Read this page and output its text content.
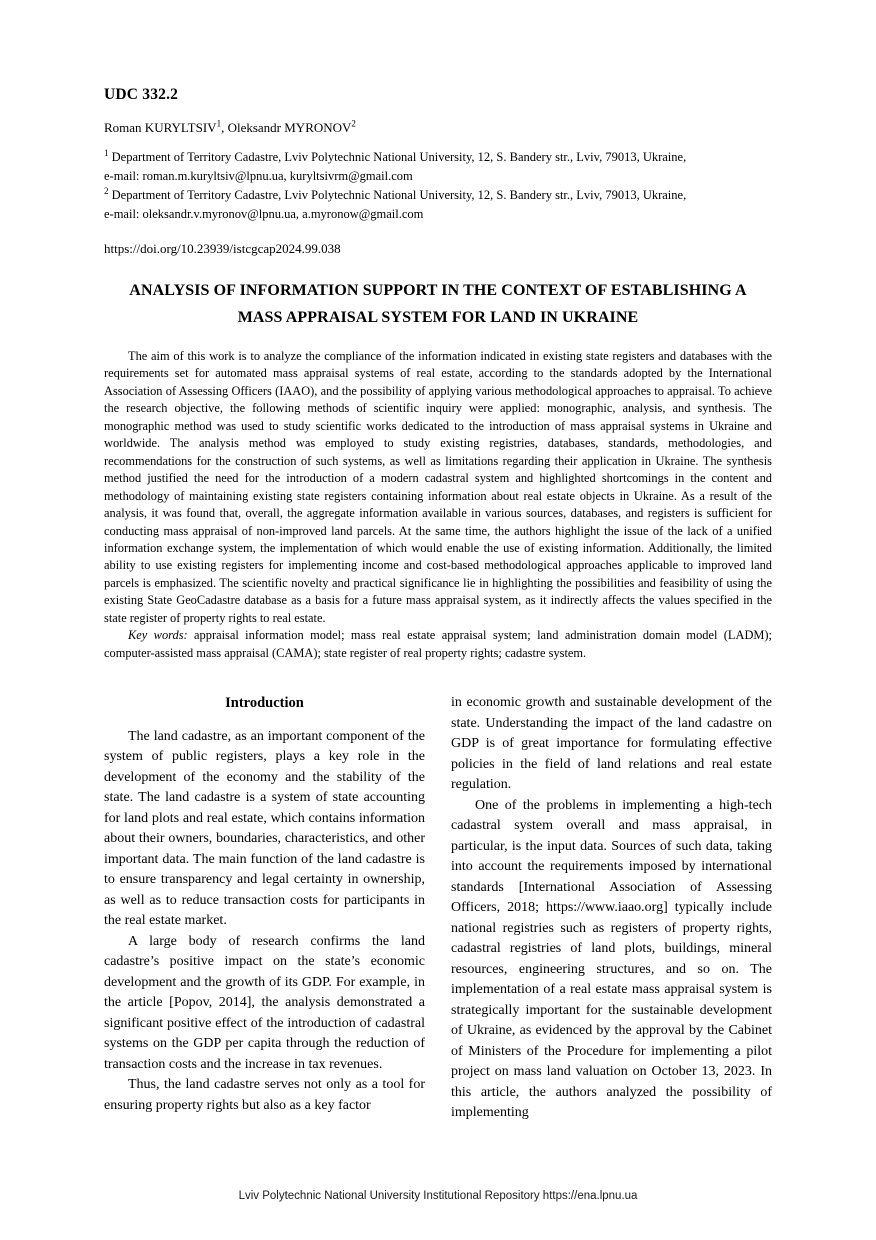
UDC 332.2
Roman KURYLTSIV$^1$, Oleksandr MYRONOV$^2$

$^1$ Department of Territory Cadastre, Lviv Polytechnic National University, 12, S. Bandery str., Lviv, 79013, Ukraine,

e-mail: roman.m.kuryltsiv@lpnu.ua, kuryltsivrm@gmail.com

$^2$ Department of Territory Cadastre, Lviv Polytechnic National University, 12, S. Bandery str., Lviv, 79013, Ukraine,

e-mail: oleksandr.v.myronov@lpnu.ua, a.myronow@gmail.com

https://doi.org/10.23939/istcgcap2024.99.038
ANALYSIS OF INFORMATION SUPPORT IN THE CONTEXT OF ESTABLISHING A MASS APPRAISAL SYSTEM FOR LAND IN UKRAINE

The aim of this work is to analyze the compliance of the information indicated in existing state registers and databases with the requirements set for automated mass appraisal systems of real estate, according to the standards adopted by the International Association of Assessing Officers (IAAO), and the possibility of applying various methodological approaches to appraisal. To achieve the research objective, the following methods of scientific inquiry were applied: monographic, analysis, and synthesis. The monographic method was used to study scientific works dedicated to the introduction of mass appraisal systems in Ukraine and worldwide. The analysis method was employed to study existing registries, databases, standards, methodologies, and recommendations for the construction of such systems, as well as limitations regarding their application in Ukraine. The synthesis method justified the need for the introduction of a modern cadastral system and highlighted shortcomings in the content and methodology of maintaining existing state registers containing information about real estate objects in Ukraine. As a result of the analysis, it was found that, overall, the aggregate information available in various sources, databases, and registers is sufficient for conducting mass appraisal of non-improved land parcels. At the same time, the authors highlight the issue of the lack of a unified information exchange system, the implementation of which would enable the use of existing information. Additionally, the limited ability to use existing registers for implementing income and cost-based methodological approaches applicable to improved land parcels is emphasized. The scientific novelty and practical significance lie in highlighting the possibilities and feasibility of using the existing State GeoCadastre database as a basis for a future mass appraisal system, as it indirectly affects the values specified in the state register of property rights to real estate.

Key words: appraisal information model; mass real estate appraisal system; land administration domain model (LADM); computer-assisted mass appraisal (CAMA); state register of real property rights; cadastre system.

Introduction

The land cadastre, as an important component of the system of public registers, plays a key role in the development of the economy and the stability of the state. The land cadastre is a system of state accounting for land plots and real estate, which contains information about their owners, boundaries, characteristics, and other important data. The main function of the land cadastre is to ensure transparency and legal certainty in ownership, as well as to reduce transaction costs for participants in the real estate market.

A large body of research confirms the land cadastre’s positive impact on the state’s economic development and the growth of its GDP. For example, in the article [Popov, 2014], the analysis demonstrated a significant positive effect of the introduction of cadastral systems on the GDP per capita through the reduction of transaction costs and the increase in tax revenues.

Thus, the land cadastre serves not only as a tool for ensuring property rights but also as a key factor

in economic growth and sustainable development of the state. Understanding the impact of the land cadastre on GDP is of great importance for formulating effective policies in the field of land relations and real estate regulation.

One of the problems in implementing a high-tech cadastral system overall and mass appraisal, in particular, is the input data. Sources of such data, taking into account the requirements imposed by international standards [International Association of Assessing Officers, 2018; https://www.iaao.org] typically include national registries such as registers of property rights, cadastral registries of land plots, buildings, mineral resources, engineering structures, and so on. The implementation of a real estate mass appraisal system is strategically important for the sustainable development of Ukraine, as evidenced by the approval by the Cabinet of Ministers of the Procedure for implementing a pilot project on mass land valuation on October 13, 2023. In this article, the authors analyzed the possibility of implementing

Lviv Polytechnic National University Institutional Repository https://ena.lpnu.ua
